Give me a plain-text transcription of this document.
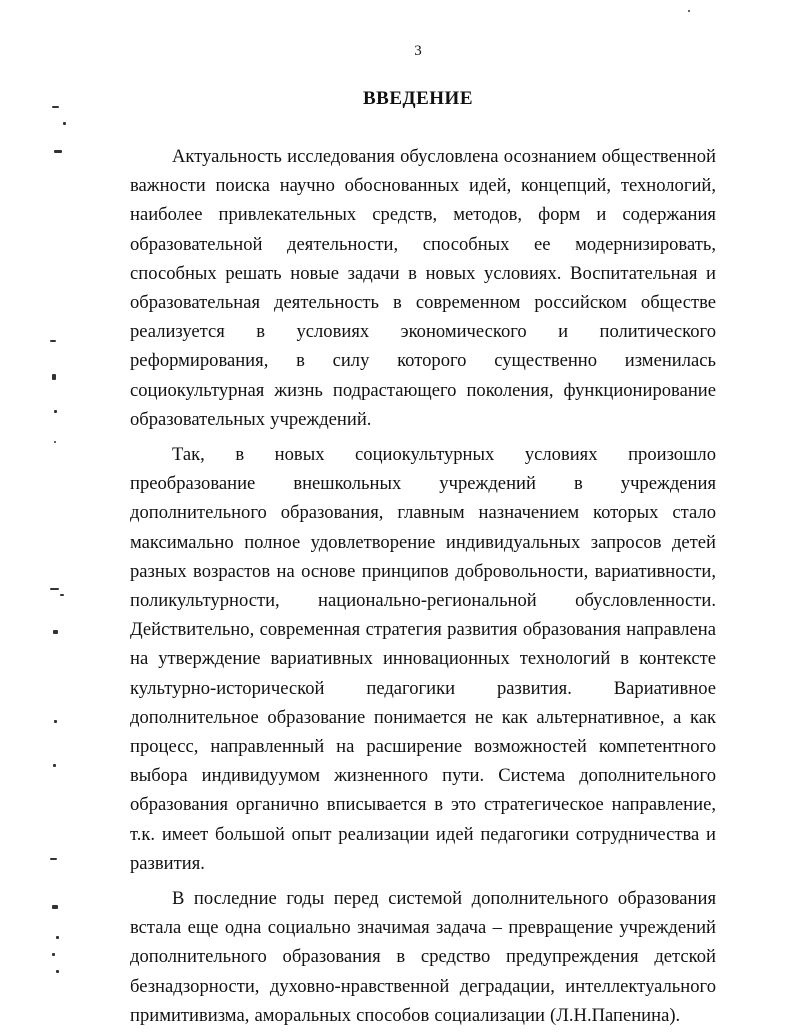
3
ВВЕДЕНИЕ

Актуальность исследования обусловлена осознанием общественной важности поиска научно обоснованных идей, концепций, технологий, наиболее привлекательных средств, методов, форм и содержания образовательной деятельности, способных ее модернизировать, способных решать новые задачи в новых условиях. Воспитательная и образовательная деятельность в современном российском обществе реализуется в условиях экономического и политического реформирования, в силу которого существенно изменилась социокультурная жизнь подрастающего поколения, функционирование образовательных учреждений.

Так, в новых социокультурных условиях произошло преобразование внешкольных учреждений в учреждения дополнительного образования, главным назначением которых стало максимально полное удовлетворение индивидуальных запросов детей разных возрастов на основе принципов добровольности, вариативности, поликультурности, национально-региональной обусловленности. Действительно, современная стратегия развития образования направлена на утверждение вариативных инновационных технологий в контексте культурно-исторической педагогики развития. Вариативное дополнительное образование понимается не как альтернативное, а как процесс, направленный на расширение возможностей компетентного выбора индивидуумом жизненного пути. Система дополнительного образования органично вписывается в это стратегическое направление, т.к. имеет большой опыт реализации идей педагогики сотрудничества и развития.

В последние годы перед системой дополнительного образования встала еще одна социально значимая задача – превращение учреждений дополнительного образования в средство предупреждения детской безнадзорности, духовно-нравственной деградации, интеллектуального примитивизма, аморальных способов социализации (Л.Н.Папенина).
